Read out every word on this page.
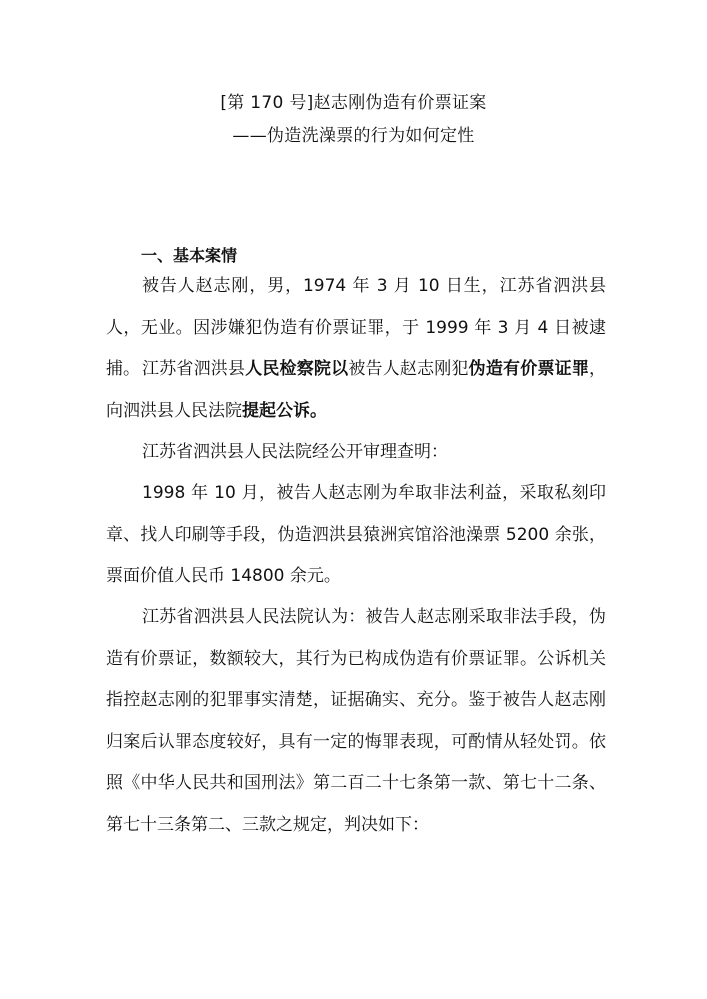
[第 170 号]赵志刚伪造有价票证案
——伪造洗澡票的行为如何定性
一、基本案情

被告人赵志刚，男，1974 年 3 月 10 日生，江苏省泗洪县人，无业。因涉嫌犯伪造有价票证罪，于 1999 年 3 月 4 日被逮捕。 江苏省泗洪县人民检察院以被告人赵志刚犯伪造有价票证罪，向泗洪县人民法院提起公诉。

江苏省泗洪县人民法院经公开审理查明：

1998 年 10 月，被告人赵志刚为牟取非法利益，采取私刻印章、找人印刷等手段，伪造泗洪县猿洲宾馆浴池澡票 5200 余张，票面价值人民币 14800 余元。

江苏省泗洪县人民法院认为：被告人赵志刚采取非法手段，伪造有价票证，数额较大，其行为已构成伪造有价票证罪。公诉机关指控赵志刚的犯罪事实清楚，证据确实、充分。鉴于被告人赵志刚归案后认罪态度较好，具有一定的悔罪表现，可酌情从轻处罚。依照《中华人民共和国刑法》第二百二十七条第一款、第七十二条、第七十三条第二、三款之规定，判决如下：
